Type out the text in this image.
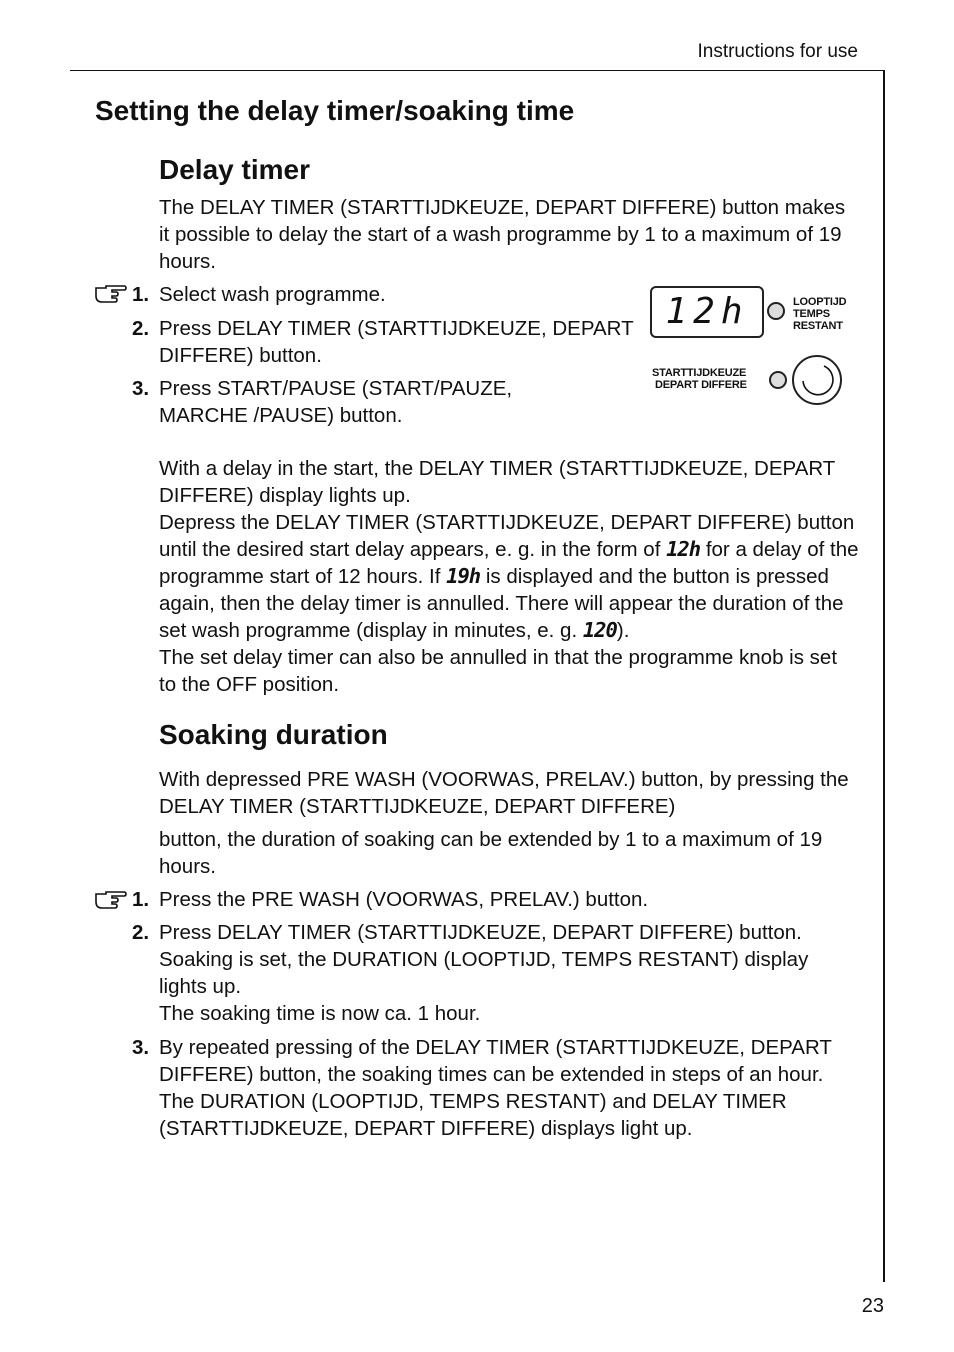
Instructions for use
Setting the delay timer/soaking time
Delay timer

The DELAY TIMER (STARTTIJDKEUZE, DEPART DIFFERE) button makes it possible to delay the start of a wash programme by 1 to a maximum of 19 hours.

1. Select wash programme.

2. Press DELAY TIMER (STARTTIJDKEUZE, DEPART

DIFFERE) button.

3. Press START/PAUSE (START/PAUZE,

MARCHE /PAUSE) button.

12h	LOOPTIJD
TEMPS
RESTANT
STARTTIJDKEUZE
DEPART DIFFERE

With a delay in the start, the DELAY TIMER (STARTTIJDKEUZE, DEPART DIFFERE) display lights up.

Depress the DELAY TIMER (STARTTIJDKEUZE, DEPART DIFFERE) button until the desired start delay appears, e. g. in the form of 12h for a delay of the programme start of 12 hours. If 19h is displayed and the button is pressed again, then the delay timer is annulled. There will appear the duration of the set wash programme (display in minutes, e. g. 120).

The set delay timer can also be annulled in that the programme knob is set to the OFF position.

Soaking duration

With depressed PRE WASH (VOORWAS, PRELAV.) button, by pressing the DELAY TIMER (STARTTIJDKEUZE, DEPART DIFFERE)

button, the duration of soaking can be extended by 1 to a maximum of 19 hours.

1. Press the PRE WASH (VOORWAS, PRELAV.) button.

2. Press DELAY TIMER (STARTTIJDKEUZE, DEPART DIFFERE) button.

Soaking is set, the DURATION (LOOPTIJD, TEMPS RESTANT) display lights up.

The soaking time is now ca. 1 hour.

3. By repeated pressing of the DELAY TIMER (STARTTIJDKEUZE, DEPART DIFFERE) button, the soaking times can be extended in steps of an hour. The DURATION (LOOPTIJD, TEMPS RESTANT) and DELAY TIMER (STARTTIJDKEUZE, DEPART DIFFERE) displays light up.

23
